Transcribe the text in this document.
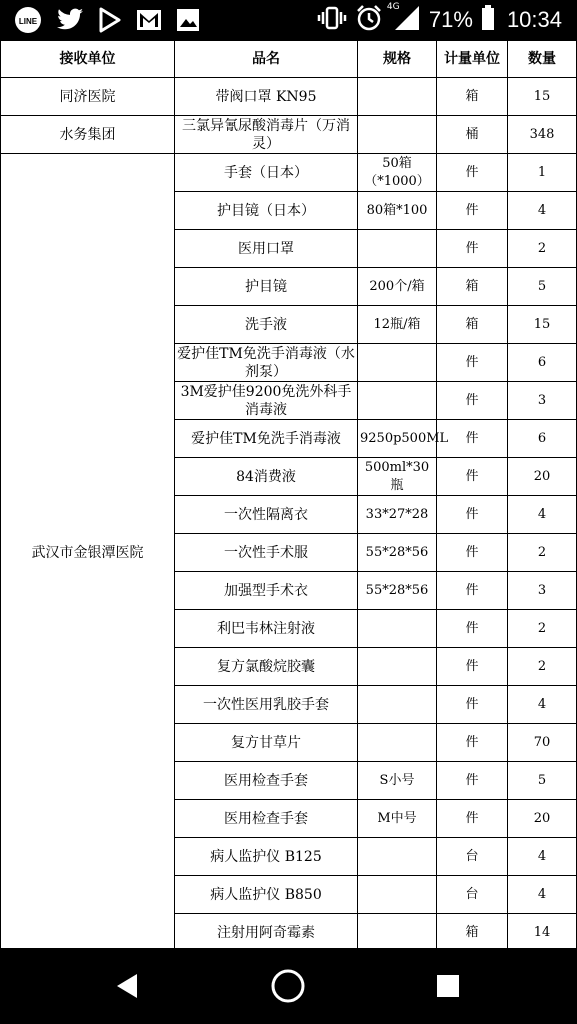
LINE
4G 71% 10:34
接收单位	品名	规格	计量单位	数量
同济医院	带阀口罩 KN95		箱	15
水务集团	三氯异氰尿酸消毒片（万消灵）		桶	348
武汉市金银潭医院	手套（日本）	50箱（*1000）	件	1
	护目镜（日本）	80箱*100	件	4
	医用口罩		件	2
	护目镜	200个/箱	箱	5
	洗手液	12瓶/箱	箱	15
	爱护佳TM免洗手消毒液（水剂泵）		件	6
	3M爱护佳9200免洗外科手消毒液		件	3
	爱护佳TM免洗手消毒液	9250p500ML	件	6
	84消费液	500ml*30瓶	件	20
	一次性隔离衣	33*27*28	件	4
	一次性手术服	55*28*56	件	2
	加强型手术衣	55*28*56	件	3
	利巴韦林注射液		件	2
	复方氯酸烷胶囊		件	2
	一次性医用乳胶手套		件	4
	复方甘草片		件	70
	医用检查手套	S小号	件	5
	医用检查手套	M中号	件	20
	病人监护仪 B125		台	4
	病人监护仪 B850		台	4
	注射用阿奇霉素		箱	14
